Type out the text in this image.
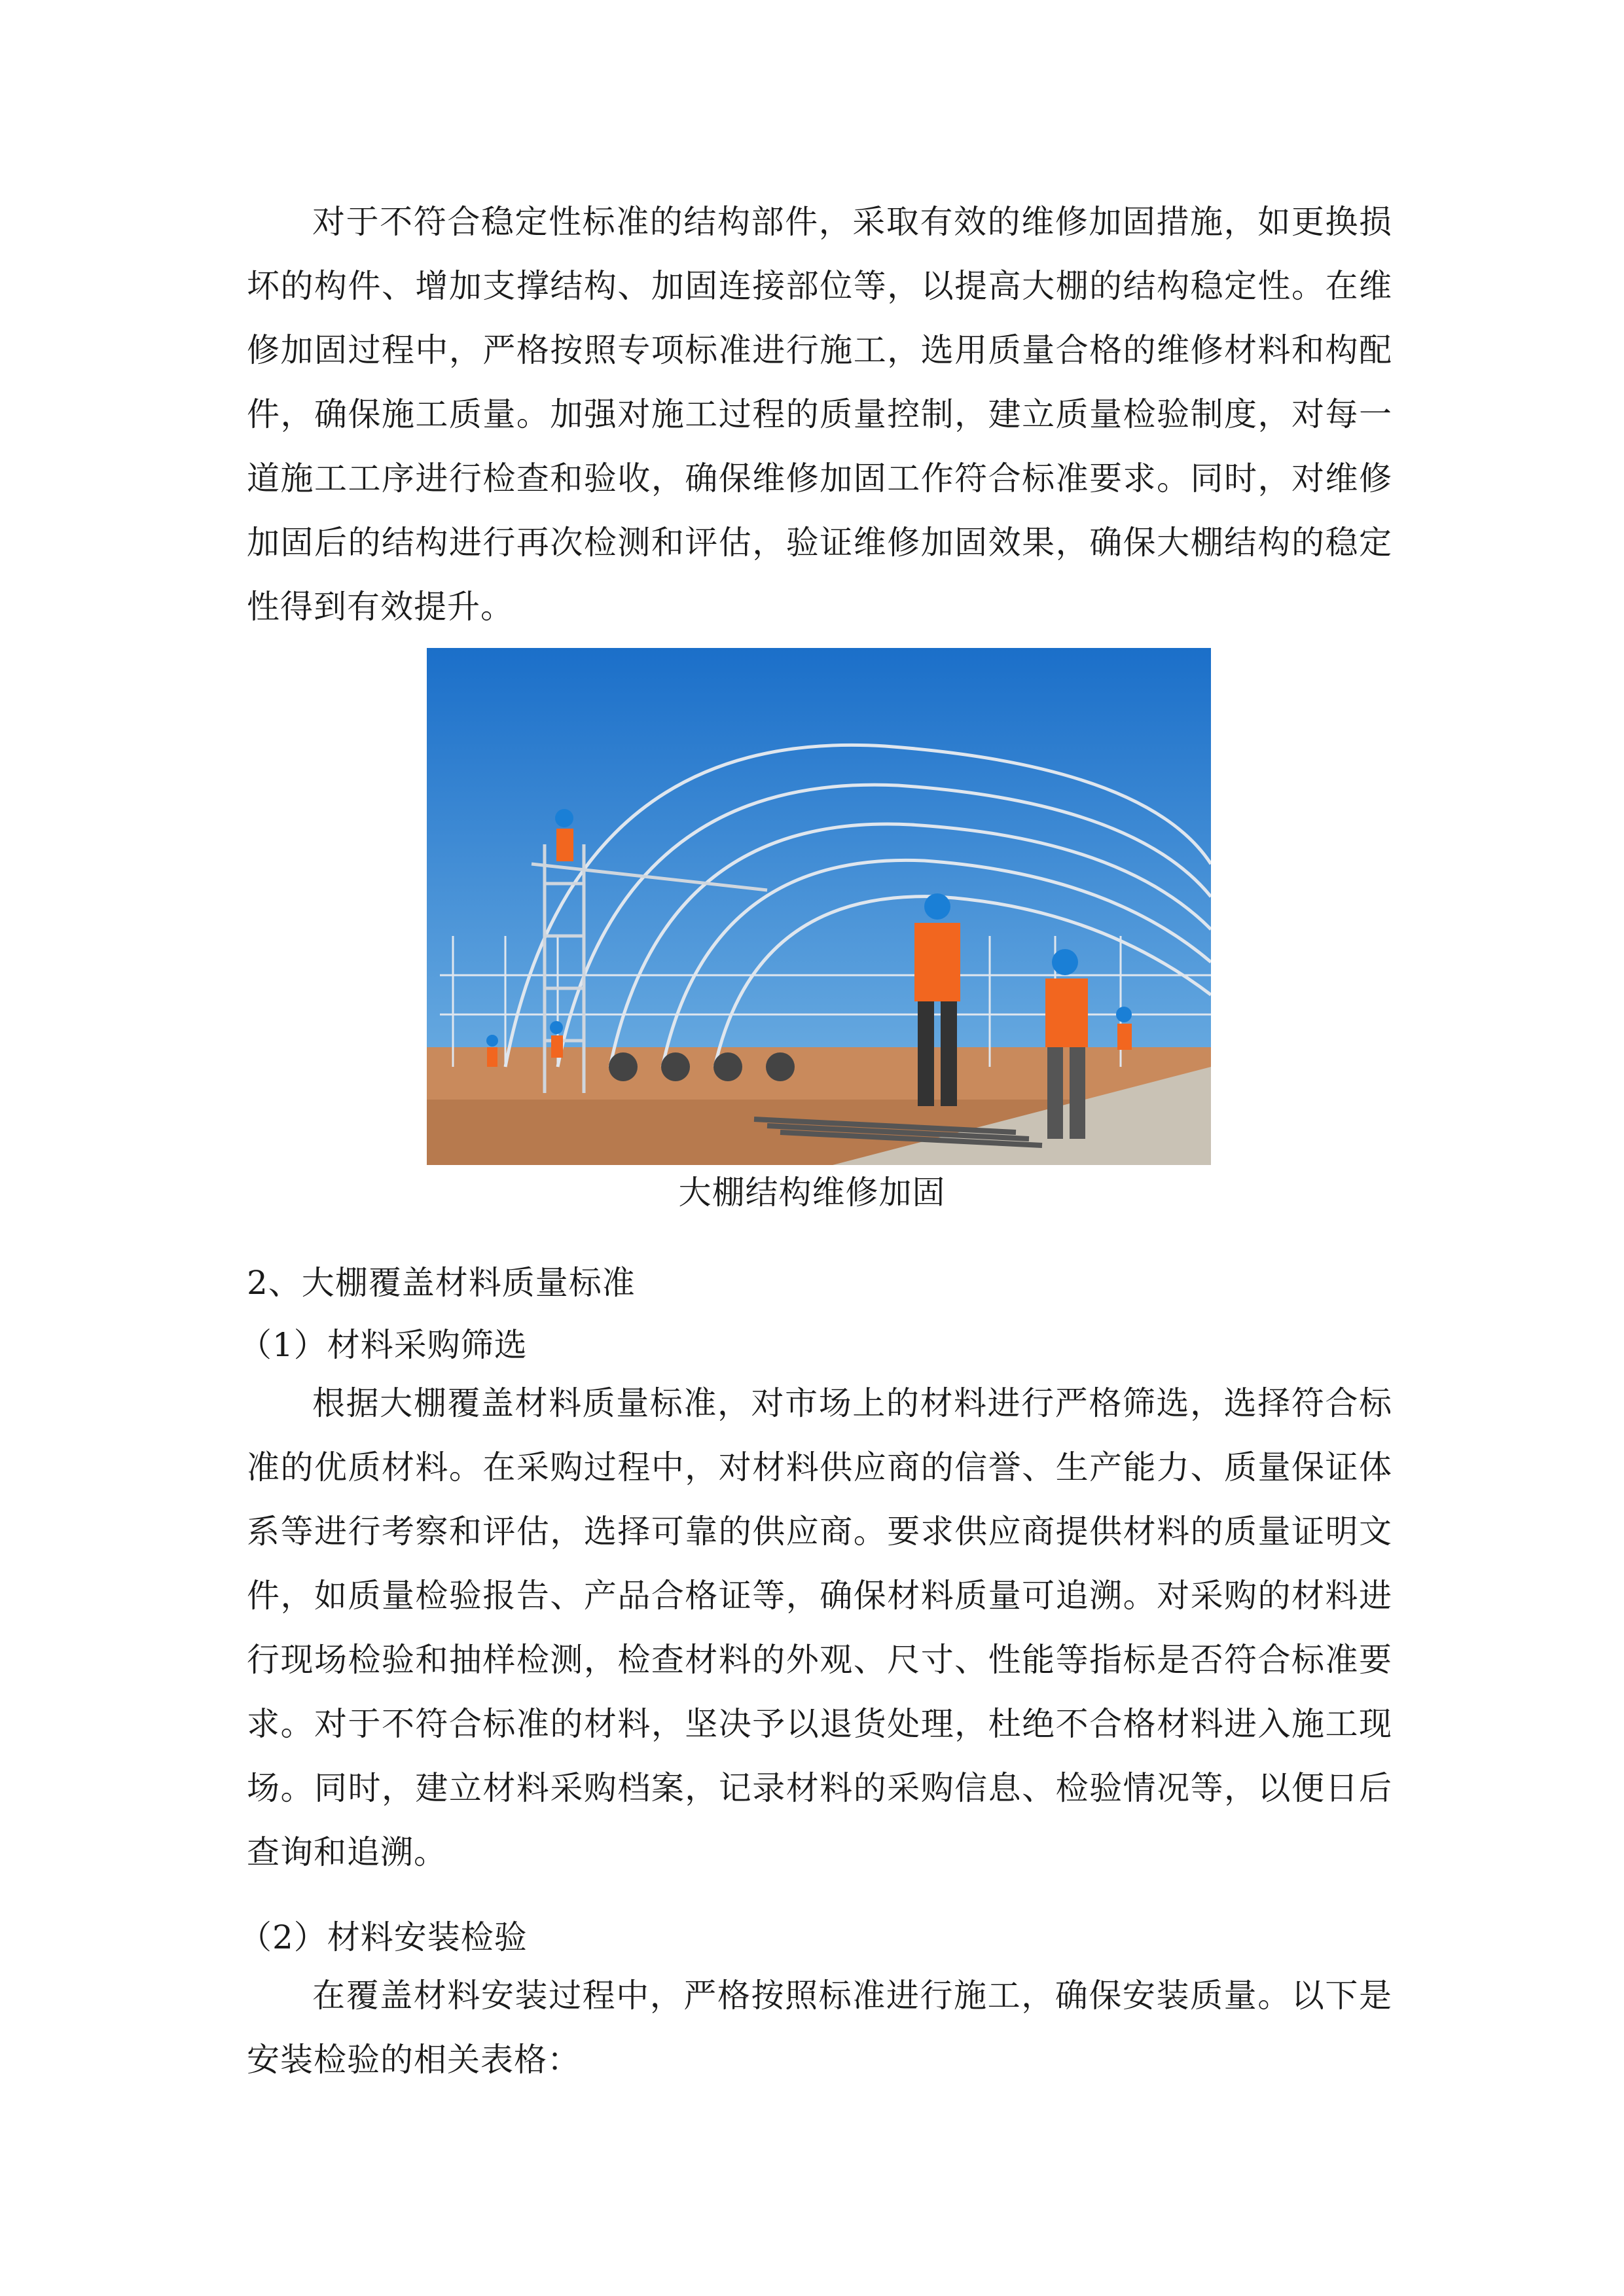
对于不符合稳定性标准的结构部件，采取有效的维修加固措施，如更换损坏的构件、增加支撑结构、加固连接部位等，以提高大棚的结构稳定性。在维修加固过程中，严格按照专项标准进行施工，选用质量合格的维修材料和构配件，确保施工质量。加强对施工过程的质量控制，建立质量检验制度，对每一道施工工序进行检查和验收，确保维修加固工作符合标准要求。同时，对维修加固后的结构进行再次检测和评估，验证维修加固效果，确保大棚结构的稳定性得到有效提升。

大棚结构维修加固

2、大棚覆盖材料质量标准

（1）材料采购筛选

根据大棚覆盖材料质量标准，对市场上的材料进行严格筛选，选择符合标准的优质材料。在采购过程中，对材料供应商的信誉、生产能力、质量保证体系等进行考察和评估，选择可靠的供应商。要求供应商提供材料的质量证明文件，如质量检验报告、产品合格证等，确保材料质量可追溯。对采购的材料进行现场检验和抽样检测，检查材料的外观、尺寸、性能等指标是否符合标准要求。对于不符合标准的材料，坚决予以退货处理，杜绝不合格材料进入施工现场。同时，建立材料采购档案，记录材料的采购信息、检验情况等，以便日后查询和追溯。

（2）材料安装检验

在覆盖材料安装过程中，严格按照标准进行施工，确保安装质量。以下是安装检验的相关表格：
